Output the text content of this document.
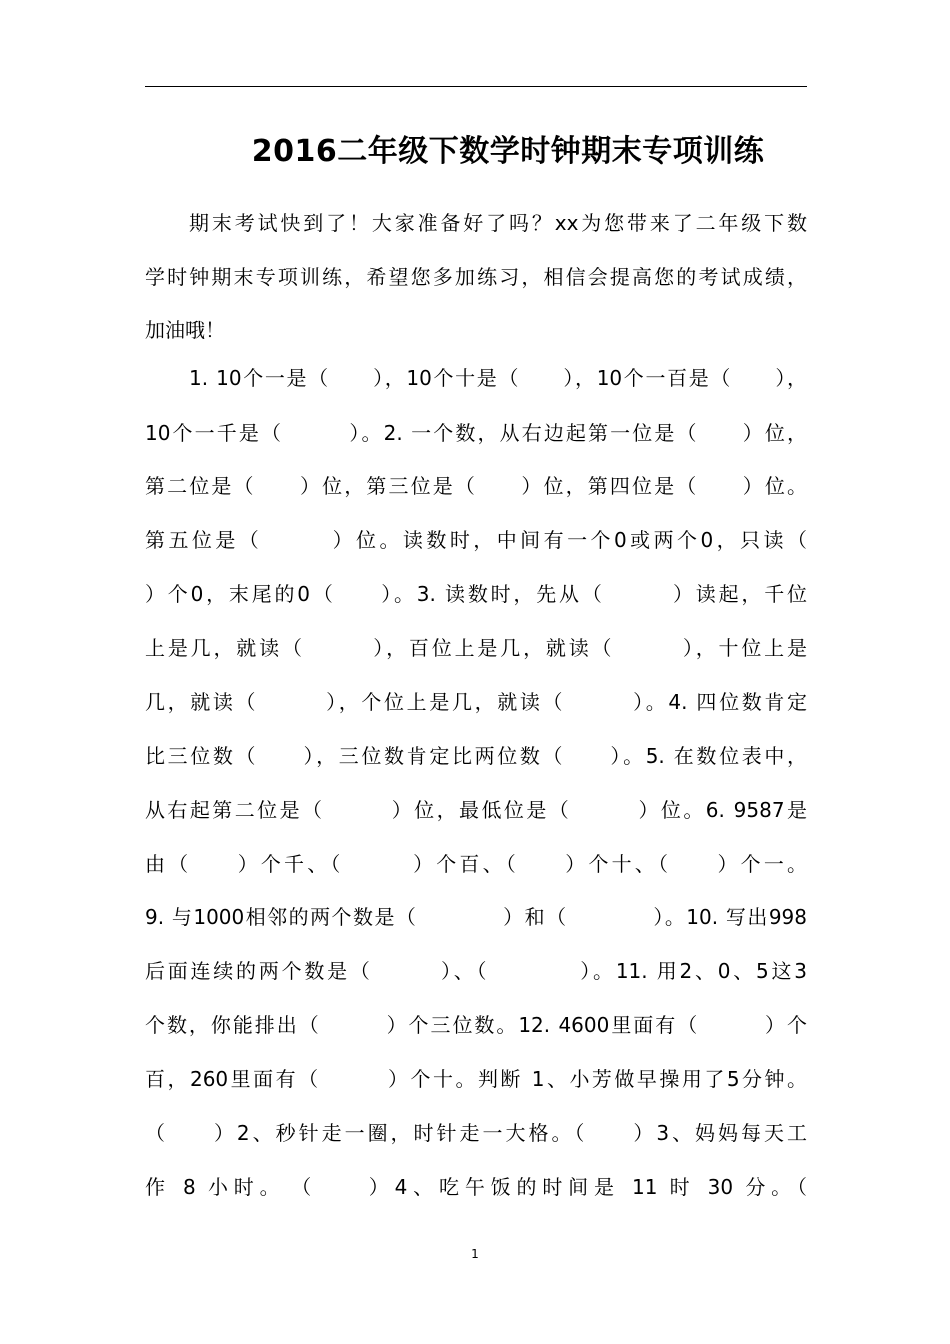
2016二年级下数学时钟期末专项训练
期末考试快到了！大家准备好了吗？xx为您带来了二年级下数
学时钟期末专项训练，希望您多加练习，相信会提高您的考试成绩，
加油哦！
1. 10个一是（　　），10个十是（　　），10个一百是（　　），
10个一千是（　　　）。2. 一个数，从右边起第一位是（　　）位，
第二位是（　　）位，第三位是（　　）位，第四位是（　　）位。
第五位是（　　　）位。读数时，中间有一个0或两个0，只读（
）个0，末尾的0（　　）。3. 读数时，先从（　　　）读起，千位
上是几，就读（　　　），百位上是几，就读（　　　），十位上是
几，就读（　　　），个位上是几，就读（　　　）。4. 四位数肯定
比三位数（　　），三位数肯定比两位数（　　）。5. 在数位表中，
从右起第二位是（　　　）位，最低位是（　　　）位。6. 9587是
由（　　）个千、（　　　）个百、（　　）个十、（　　）个一。
9. 与1000相邻的两个数是（　　　　）和（　　　　）。10. 写出998
后面连续的两个数是（　　　）、（　　　　）。11. 用2、0、5这3
个数，你能排出（　　　）个三位数。12. 4600里面有（　　　）个
百，260里面有（　　　）个十。判断 1、小芳做早操用了5分钟。
（　　）2、秒针走一圈，时针走一大格。（　　）3、妈妈每天工
作 8 小时。　（　　）4、吃午饭的时间是 11 时 30 分。（
1
